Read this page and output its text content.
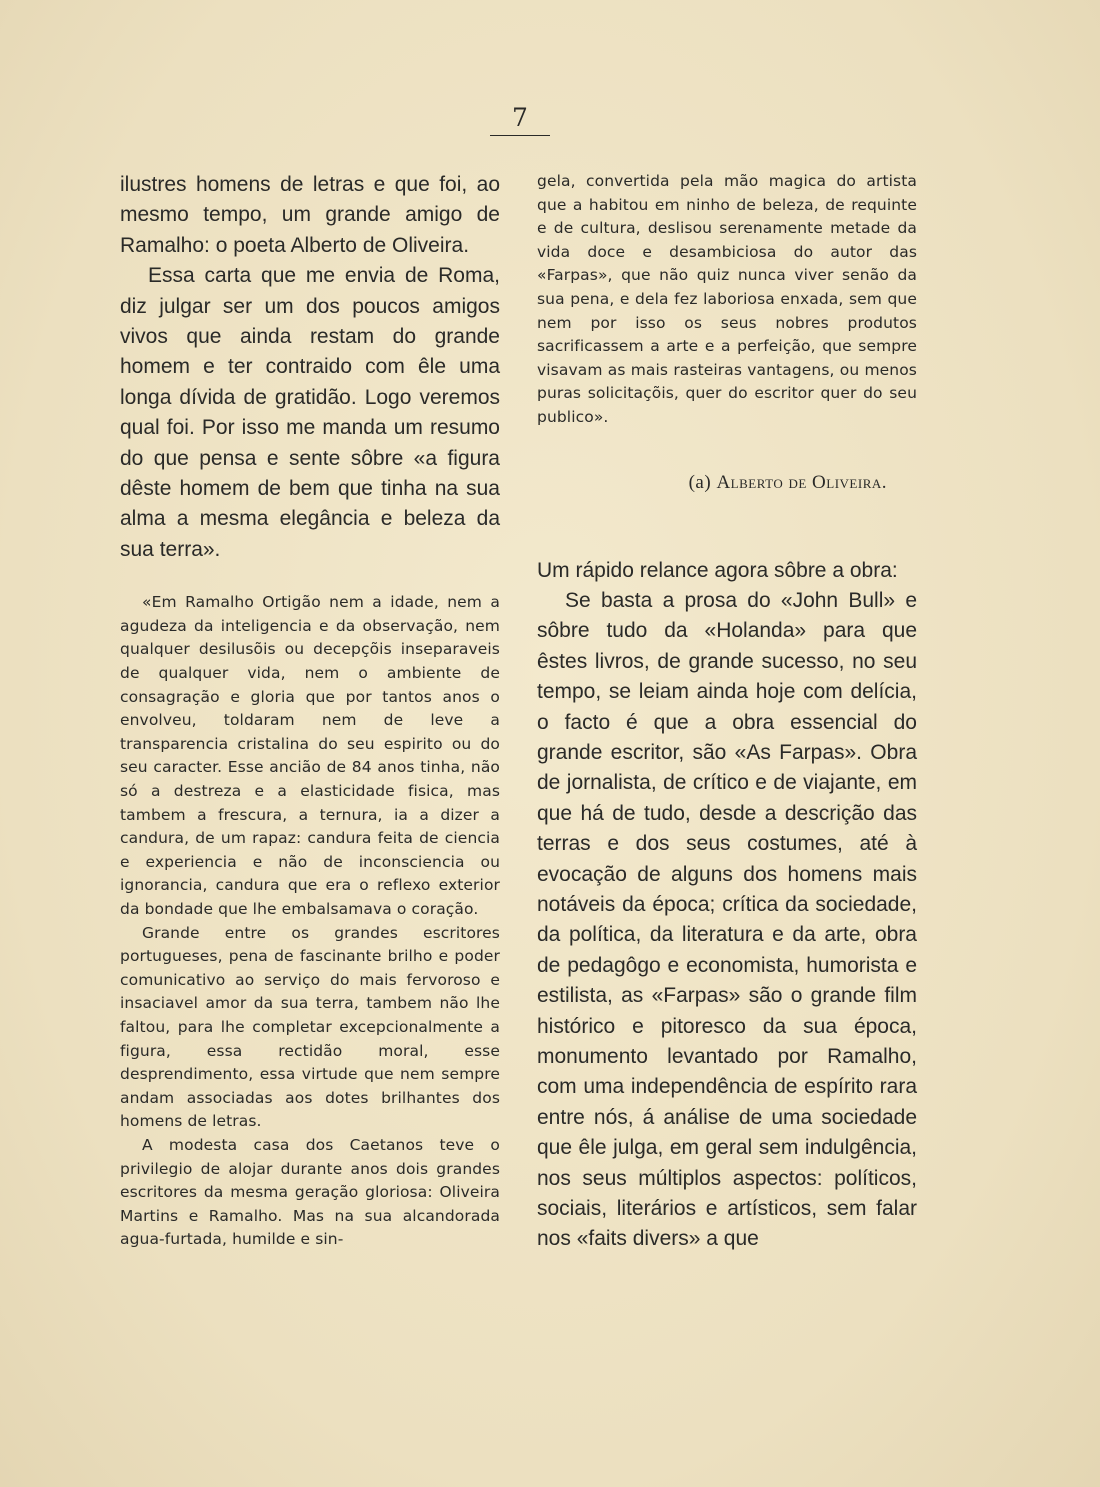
7

ilustres homens de letras e que foi, ao mesmo tempo, um grande amigo de Ramalho: o poeta Alberto de Oliveira.

Essa carta que me envia de Roma, diz julgar ser um dos poucos amigos vivos que ainda restam do grande homem e ter contraido com êle uma longa dívida de gratidão. Logo veremos qual foi. Por isso me manda um resumo do que pensa e sente sôbre «a figura dêste homem de bem que tinha na sua alma a mesma elegância e beleza da sua terra».

«Em Ramalho Ortigão nem a idade, nem a agudeza da inteligencia e da observação, nem qualquer desilusõis ou decepçõis inseparaveis de qualquer vida, nem o ambiente de consagração e gloria que por tantos anos o envolveu, toldaram nem de leve a transparencia cristalina do seu espirito ou do seu caracter. Esse ancião de 84 anos tinha, não só a destreza e a elasticidade fisica, mas tambem a frescura, a ternura, ia a dizer a candura, de um rapaz: candura feita de ciencia e experiencia e não de inconsciencia ou ignorancia, candura que era o reflexo exterior da bondade que lhe embalsamava o coração.

Grande entre os grandes escritores portugueses, pena de fascinante brilho e poder comunicativo ao serviço do mais fervoroso e insaciavel amor da sua terra, tambem não lhe faltou, para lhe completar excepcionalmente a figura, essa rectidão moral, esse desprendimento, essa virtude que nem sempre andam associadas aos dotes brilhantes dos homens de letras.

A modesta casa dos Caetanos teve o privilegio de alojar durante anos dois grandes escritores da mesma geração gloriosa: Oliveira Martins e Ramalho. Mas na sua alcandorada agua-furtada, humilde e sin-

gela, convertida pela mão magica do artista que a habitou em ninho de beleza, de requinte e de cultura, deslisou serenamente metade da vida doce e desambiciosa do autor das «Farpas», que não quiz nunca viver senão da sua pena, e dela fez laboriosa enxada, sem que nem por isso os seus nobres produtos sacrificassem a arte e a perfeição, que sempre visavam as mais rasteiras vantagens, ou menos puras solicitaçõis, quer do escritor quer do seu publico».

(a) Alberto de Oliveira.

Um rápido relance agora sôbre a obra:

Se basta a prosa do «John Bull» e sôbre tudo da «Holanda» para que êstes livros, de grande sucesso, no seu tempo, se leiam ainda hoje com delícia, o facto é que a obra essencial do grande escritor, são «As Farpas». Obra de jornalista, de crítico e de viajante, em que há de tudo, desde a descrição das terras e dos seus costumes, até à evocação de alguns dos homens mais notáveis da época; crítica da sociedade, da política, da literatura e da arte, obra de pedagôgo e economista, humorista e estilista, as «Farpas» são o grande film histórico e pitoresco da sua época, monumento levantado por Ramalho, com uma independência de espírito rara entre nós, á análise de uma sociedade que êle julga, em geral sem indulgência, nos seus múltiplos aspectos: políticos, sociais, literários e artísticos, sem falar nos «faits divers» a que
